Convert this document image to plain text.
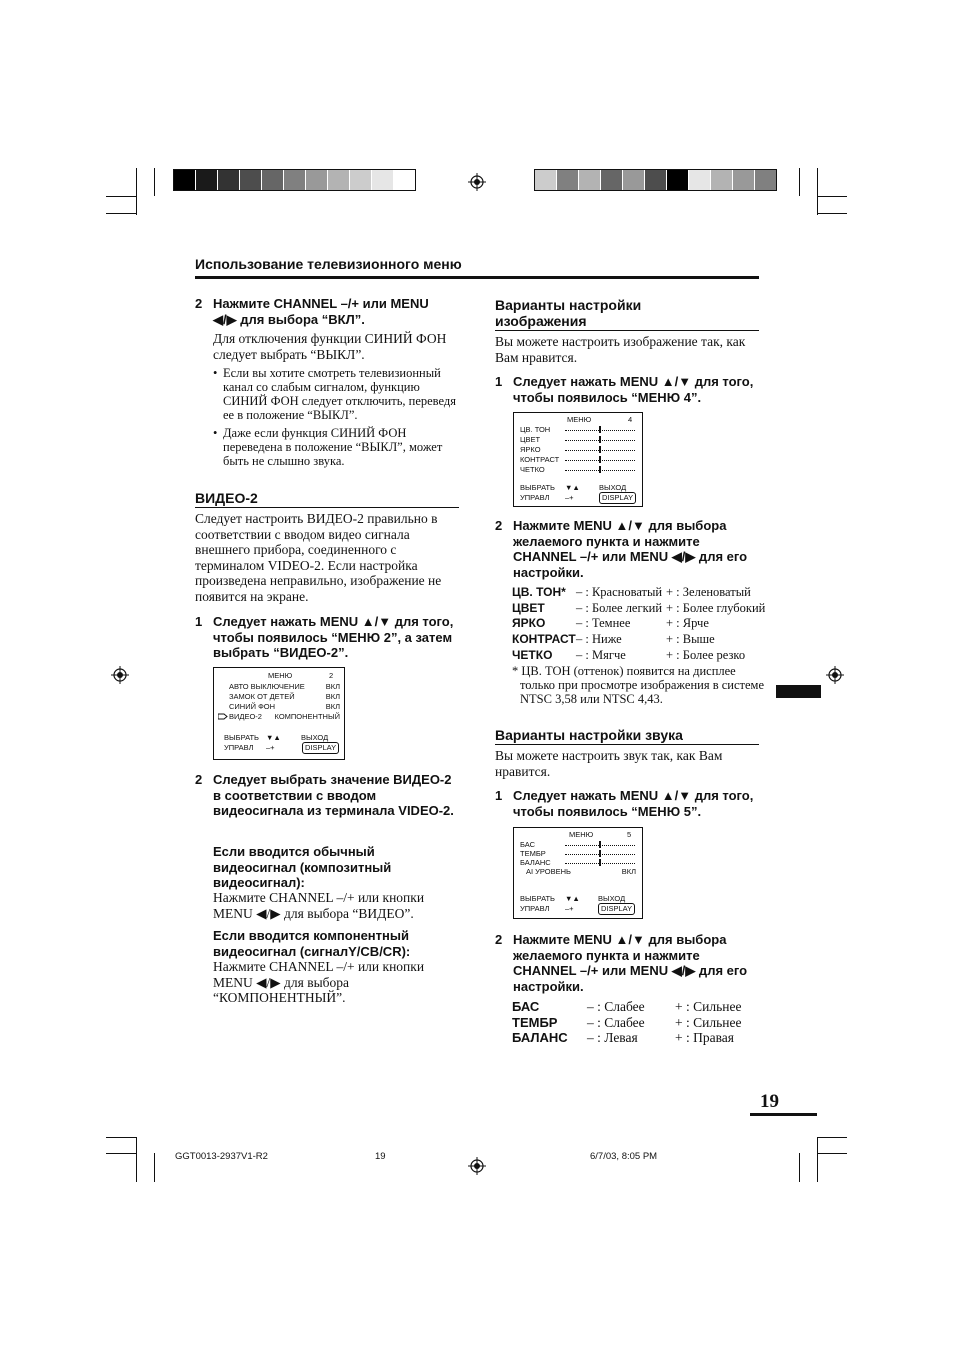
Использование телевизионного меню
2 Нажмите CHANNEL –/+ или MENU ◀/▶ для выбора “ВКЛ”.
Для отключения функции СИНИЙ ФОН следует выбрать “ВЫКЛ”.
• Если вы хотите смотреть телевизионный канал со слабым сигналом, функцию СИНИЙ ФОН следует отключить, переведя ее в положение “ВЫКЛ”.
• Даже если функция СИНИЙ ФОН переведена в положение “ВЫКЛ”, может быть не слышно звука.
ВИДЕО-2
Следует настроить ВИДЕО-2 правильно в соответствии с вводом видео сигнала внешнего прибора, соединенного с терминалом VIDEO-2. Если настройка произведена неправильно, изображение не появится на экране.
1 Следует нажать MENU ▲/▼ для того, чтобы появилось “МЕНЮ 2”, а затем выбрать “ВИДЕО-2”.
МЕНЮ	2
АВТО ВЫКЛЮЧЕНИЕ	ВКЛ
ЗАМОК ОТ ДЕТЕЙ	ВКЛ
СИНИЙ ФОН	ВКЛ
ВИДЕО-2 КОМПОНЕНТНЫЙ
ВЫБРАТЬ ▼▲	ВЫХОД
УПРАВЛ –+	DISPLAY
2 Следует выбрать значение ВИДЕО-2 в соответствии с вводом видеосигнала из терминала VIDEO-2.
Если вводится обычный видеосигнал (композитный видеосигнал):
Нажмите CHANNEL –/+ или кнопки MENU ◀/▶ для выбора “ВИДЕО”.
Если вводится компонентный видеосигнал (сигналY/CB/CR):
Нажмите CHANNEL –/+ или кнопки MENU ◀/▶ для выбора “КОМПОНЕНТНЫЙ”.
Варианты настройки изображения
Вы можете настроить изображение так, как Вам нравится.
1 Следует нажать MENU ▲/▼ для того, чтобы появилось “МЕНЮ 4”.
МЕНЮ	4
ЦВ. ТОН
ЦВЕТ
ЯРКО
КОНТРАСТ
ЧЕТКО
ВЫБРАТЬ ▼▲	ВЫХОД
УПРАВЛ –+	DISPLAY
2 Нажмите MENU ▲/▼ для выбора желаемого пункта и нажмите CHANNEL –/+ или MENU ◀/▶ для его настройки.
ЦВ. ТОН* – : Красноватый + : Зеленоватый
ЦВЕТ – : Более легкий + : Более глубокий
ЯРКО – : Темнее	+ : Ярче
КОНТРАСТ – : Ниже	+ : Выше
ЧЕТКО – : Мягче	+ : Более резко
* ЦВ. ТОН (оттенок) появится на дисплее только при просмотре изображения в системе NTSC 3,58 или NTSC 4,43.
Варианты настройки звука
Вы можете настроить звук так, как Вам нравится.
1 Следует нажать MENU ▲/▼ для того, чтобы появилось “МЕНЮ 5”.
МЕНЮ	5
БАС
ТЕМБР
БАЛАНС
AI УРОВЕНЬ	ВКЛ
ВЫБРАТЬ ▼▲ ВЫХОД
УПРАВЛ –+	DISPLAY
2 Нажмите MENU ▲/▼ для выбора желаемого пункта и нажмите CHANNEL –/+ или MENU ◀/▶ для его настройки.
БАС	– : Слабее + : Сильнее
ТЕМБР – : Слабее + : Сильнее
БАЛАНС – : Левая	+ : Правая
19
GGT0013-2937V1-R2	19	6/7/03, 8:05 PM
